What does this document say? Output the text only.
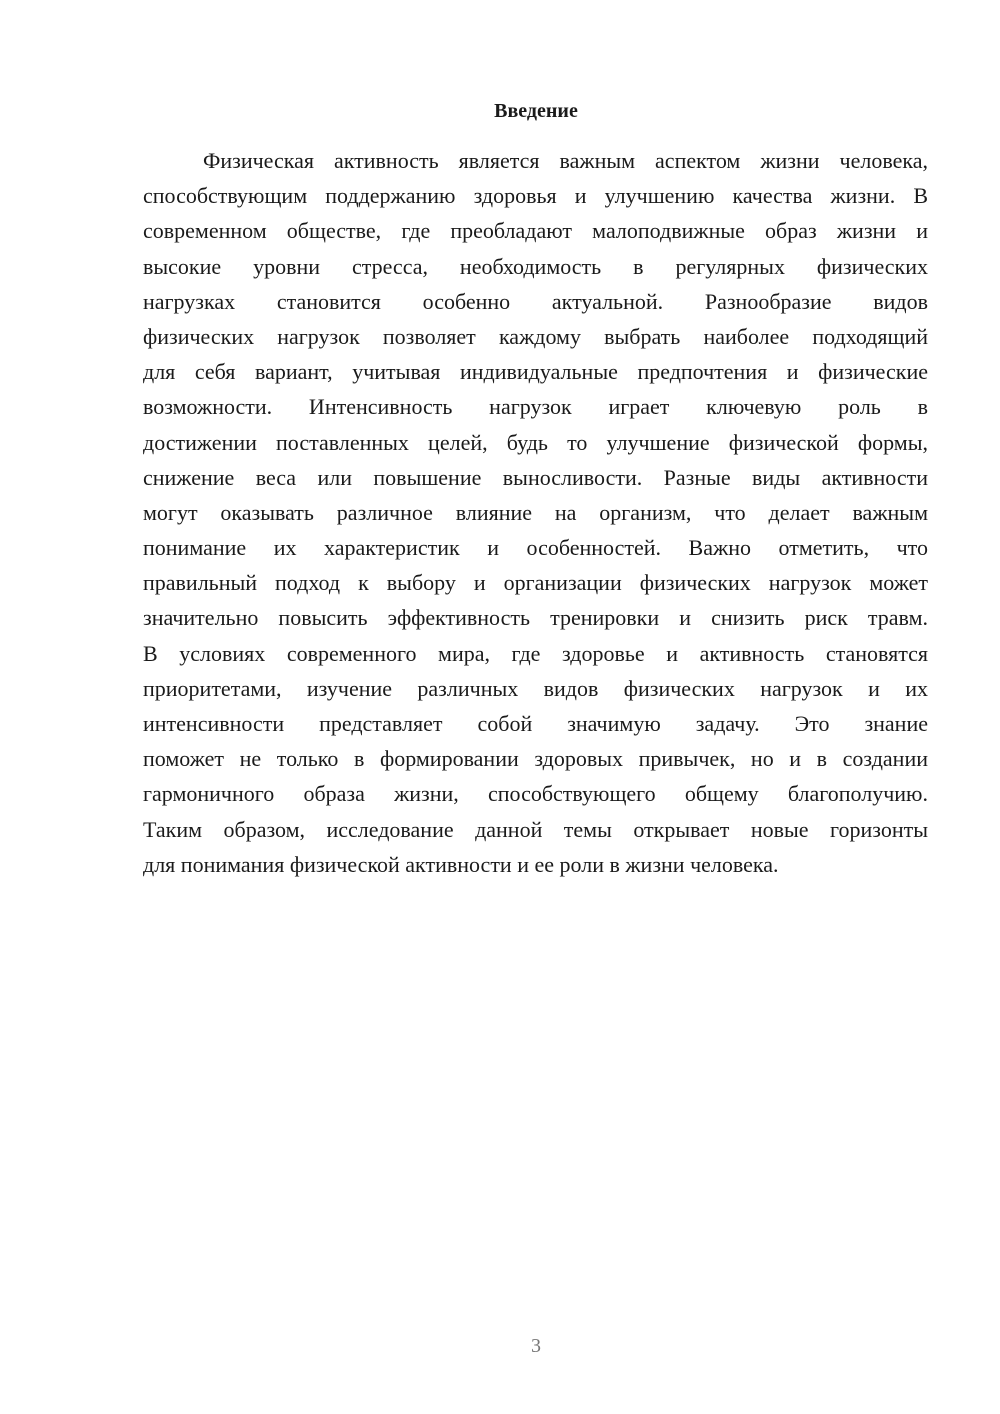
Введение
Физическая активность является важным аспектом жизни человека,
способствующим поддержанию здоровья и улучшению качества жизни. В
современном обществе, где преобладают малоподвижные образ жизни и
высокие уровни стресса, необходимость в регулярных физических
нагрузках становится особенно актуальной. Разнообразие видов
физических нагрузок позволяет каждому выбрать наиболее подходящий
для себя вариант, учитывая индивидуальные предпочтения и физические
возможности. Интенсивность нагрузок играет ключевую роль в
достижении поставленных целей, будь то улучшение физической формы,
снижение веса или повышение выносливости. Разные виды активности
могут оказывать различное влияние на организм, что делает важным
понимание их характеристик и особенностей. Важно отметить, что
правильный подход к выбору и организации физических нагрузок может
значительно повысить эффективность тренировки и снизить риск травм.
В условиях современного мира, где здоровье и активность становятся
приоритетами, изучение различных видов физических нагрузок и их
интенсивности представляет собой значимую задачу. Это знание
поможет не только в формировании здоровых привычек, но и в создании
гармоничного образа жизни, способствующего общему благополучию.
Таким образом, исследование данной темы открывает новые горизонты
для понимания физической активности и ее роли в жизни человека.
3
